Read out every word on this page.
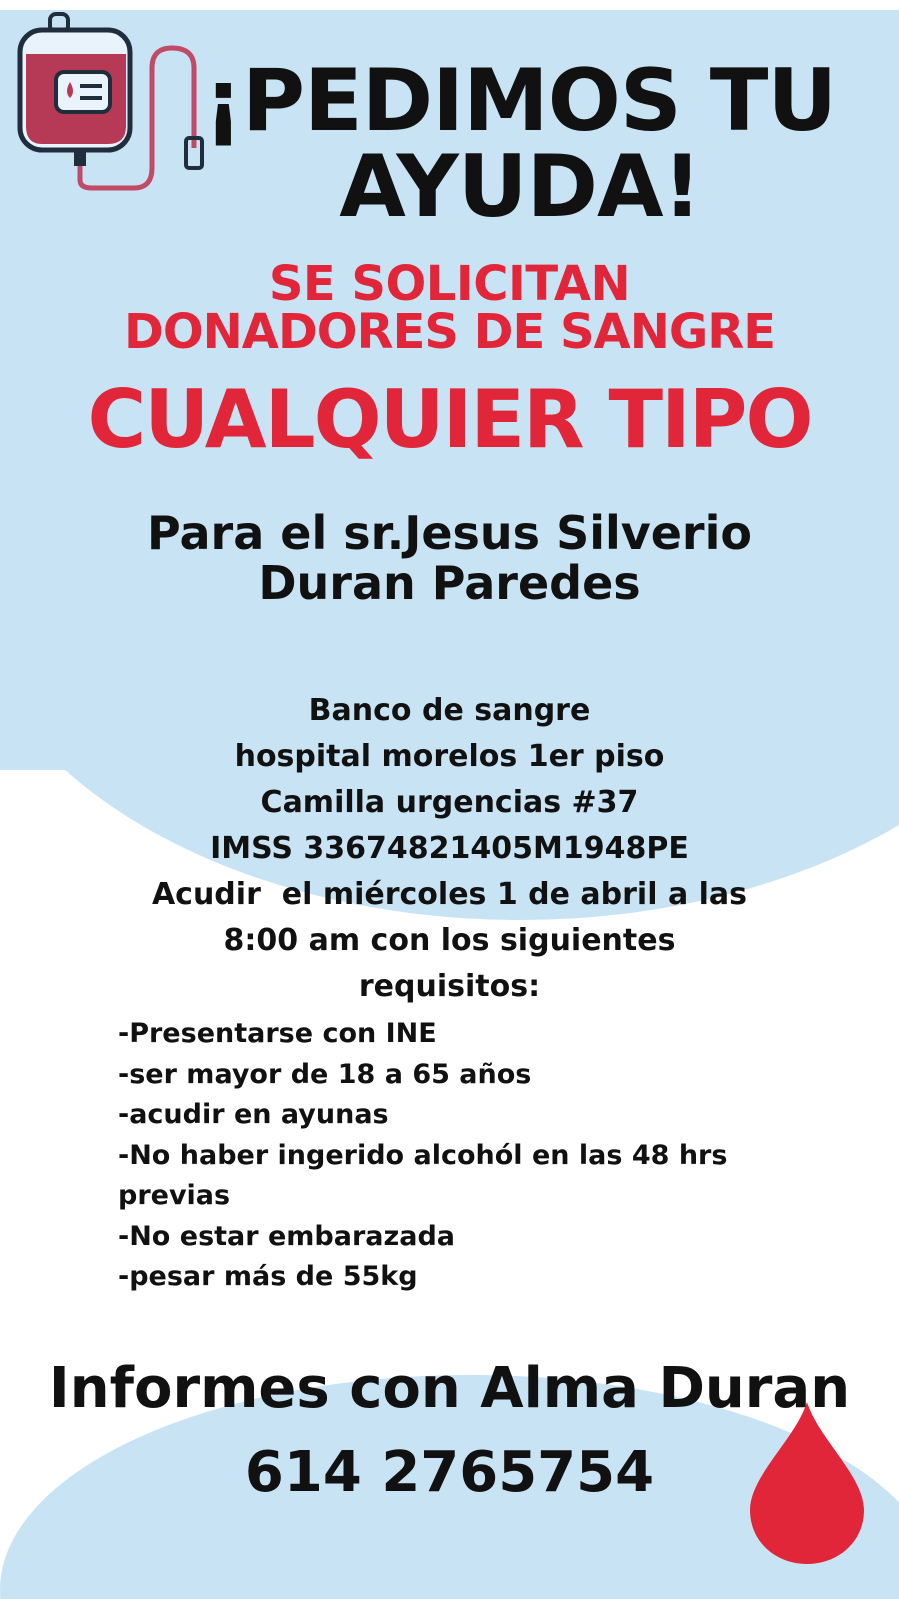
¡PEDIMOS TU
AYUDA!
SE SOLICITAN
DONADORES DE SANGRE
CUALQUIER TIPO
Para el sr.Jesus Silverio
Duran Paredes
Banco de sangre
hospital morelos 1er piso
Camilla urgencias #37
IMSS 33674821405M1948PE
Acudir  el miércoles 1 de abril a las
8:00 am con los siguientes
requisitos:
-Presentarse con INE
-ser mayor de 18 a 65 años
-acudir en ayunas
-No haber ingerido alcohól en las 48 hrs
previas
-No estar embarazada
-pesar más de 55kg
Informes con Alma Duran
614 2765754
